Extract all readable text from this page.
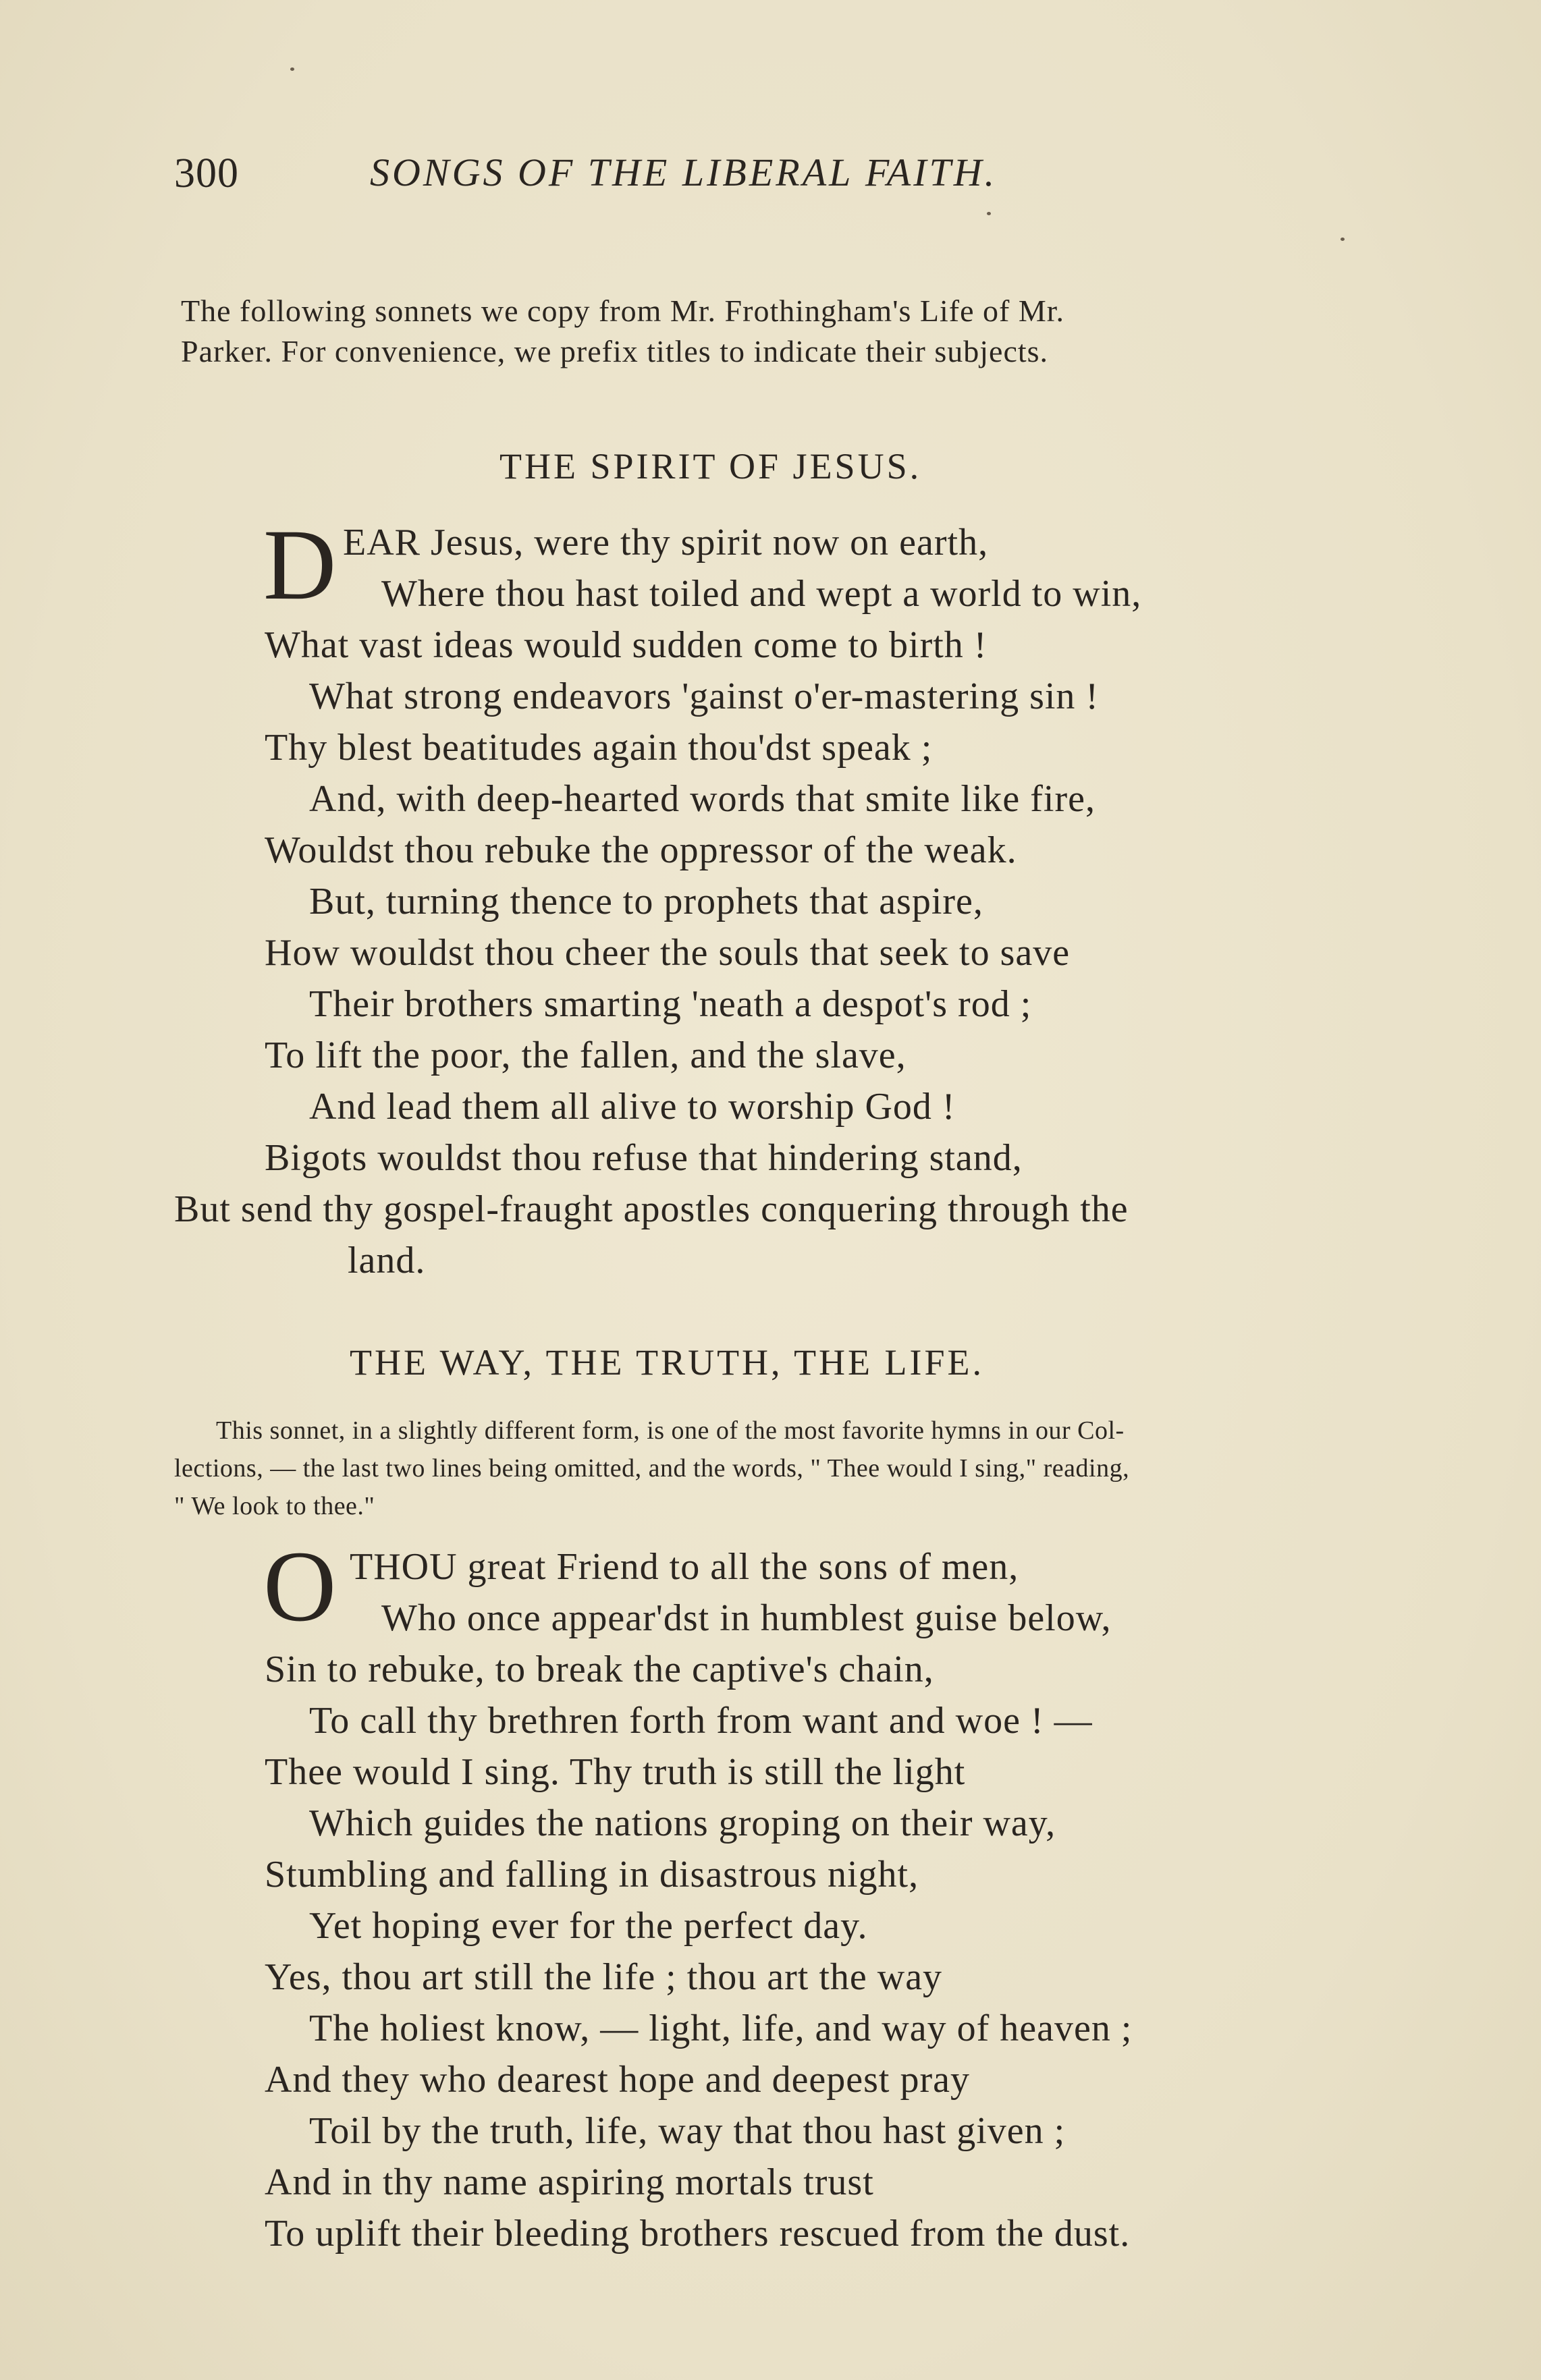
300	SONGS OF THE LIBERAL FAITH.
The following sonnets we copy from Mr. Frothingham's Life of Mr.
Parker. For convenience, we prefix titles to indicate their subjects.
THE SPIRIT OF JESUS.
D EAR Jesus, were thy spirit now on earth,
Where thou hast toiled and wept a world to win,
What vast ideas would sudden come to birth !
What strong endeavors 'gainst o'er-mastering sin !
Thy blest beatitudes again thou'dst speak ;
And, with deep-hearted words that smite like fire,
Wouldst thou rebuke the oppressor of the weak.
But, turning thence to prophets that aspire,
How wouldst thou cheer the souls that seek to save
Their brothers smarting 'neath a despot's rod ;
To lift the poor, the fallen, and the slave,
And lead them all alive to worship God !
Bigots wouldst thou refuse that hindering stand,
But send thy gospel-fraught apostles conquering through the
land.
THE WAY, THE TRUTH, THE LIFE.
This sonnet, in a slightly different form, is one of the most favorite hymns in our Col-
lections, — the last two lines being omitted, and the words, " Thee would I sing," reading,
" We look to thee."
O THOU great Friend to all the sons of men,
Who once appear'dst in humblest guise below,
Sin to rebuke, to break the captive's chain,
To call thy brethren forth from want and woe ! —
Thee would I sing. Thy truth is still the light
Which guides the nations groping on their way,
Stumbling and falling in disastrous night,
Yet hoping ever for the perfect day.
Yes, thou art still the life ; thou art the way
The holiest know, — light, life, and way of heaven ;
And they who dearest hope and deepest pray
Toil by the truth, life, way that thou hast given ;
And in thy name aspiring mortals trust
To uplift their bleeding brothers rescued from the dust.
